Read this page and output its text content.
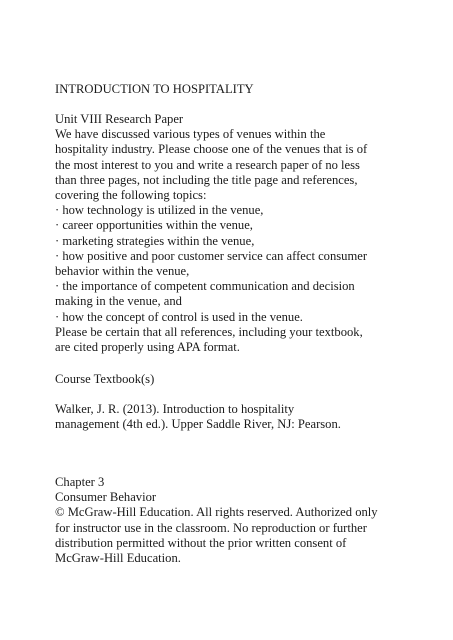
INTRODUCTION TO HOSPITALITY
Unit VIII Research Paper
We have discussed various types of venues within the
hospitality industry. Please choose one of the venues that is of
the most interest to you and write a research paper of no less
than three pages, not including the title page and references,
covering the following topics:
· how technology is utilized in the venue,
· career opportunities within the venue,
· marketing strategies within the venue,
· how positive and poor customer service can affect consumer
behavior within the venue,
· the importance of competent communication and decision
making in the venue, and
· how the concept of control is used in the venue.
Please be certain that all references, including your textbook,
are cited properly using APA format.
Course Textbook(s)
Walker, J. R. (2013). Introduction to hospitality
management (4th ed.). Upper Saddle River, NJ: Pearson.
Chapter 3
Consumer Behavior
© McGraw-Hill Education. All rights reserved. Authorized only
for instructor use in the classroom. No reproduction or further
distribution permitted without the prior written consent of
McGraw-Hill Education.
